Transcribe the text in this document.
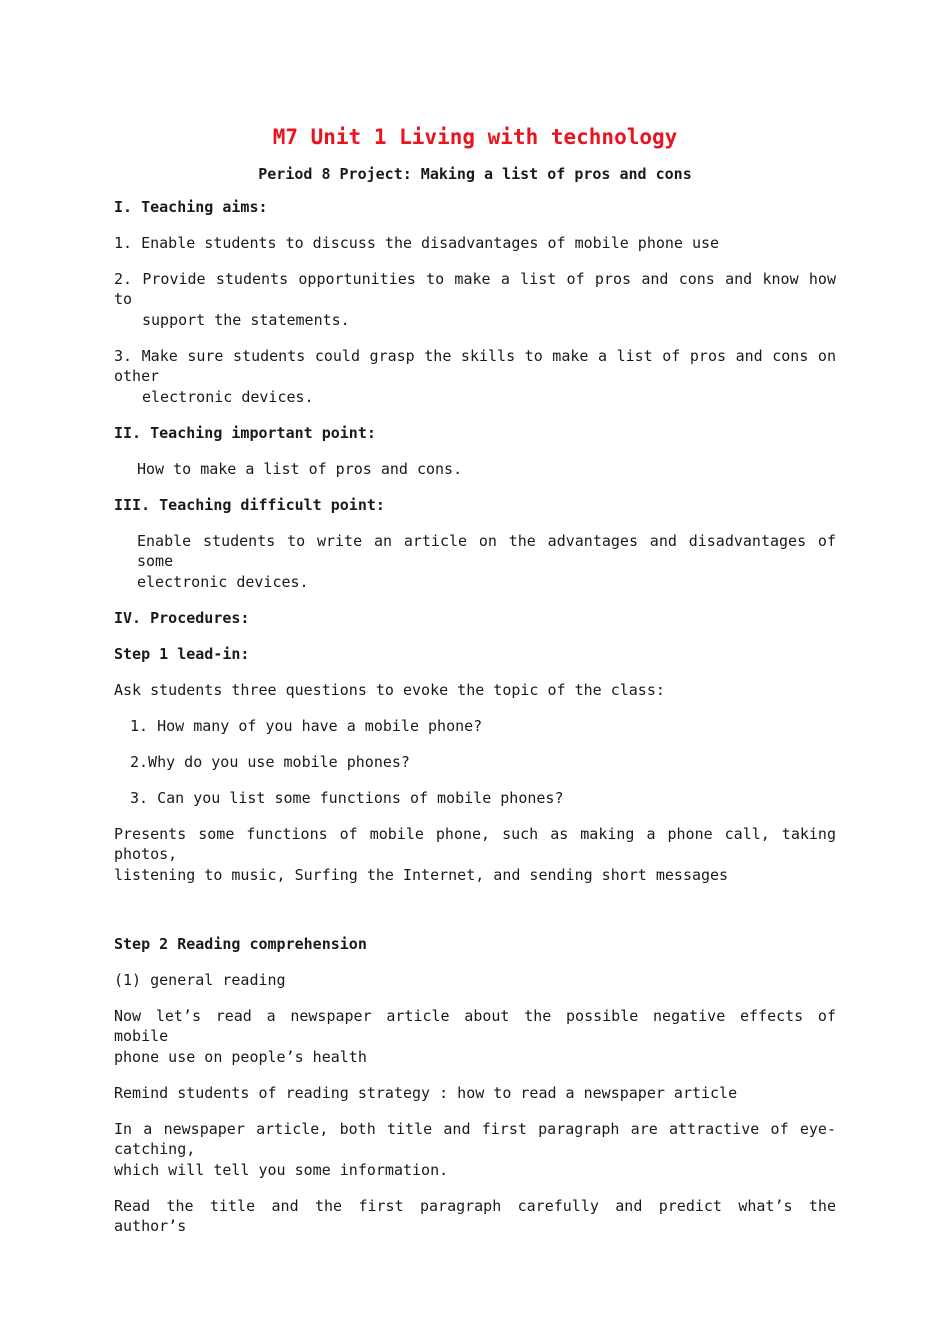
M7 Unit 1 Living with technology
Period 8 Project: Making a list of pros and cons
I. Teaching aims:
1. Enable students to discuss the disadvantages of mobile phone use
2. Provide students opportunities to make a list of pros and cons and know how to
support the statements.
3. Make sure students could grasp the skills to make a list of pros and cons on other
electronic devices.
II. Teaching important point:
How to make a list of pros and cons.
III. Teaching difficult point:
Enable students to write an article on the advantages and disadvantages of some
electronic devices.
IV. Procedures:
Step 1 lead-in:
Ask students three questions to evoke the topic of the class:
1. How many of you have a mobile phone?
2.Why do you use mobile phones?
3. Can you list some functions of mobile phones?
Presents some functions of mobile phone, such as making a phone call, taking photos,
listening to music, Surfing the Internet, and sending short messages
Step 2 Reading comprehension
(1) general reading
Now let’s read a newspaper article about the possible negative effects of mobile
phone use on people’s health
Remind students of reading strategy : how to read a newspaper article
In a newspaper article, both title and first paragraph are attractive of eye-catching,
which will tell you some information.
Read the title and the first paragraph carefully and predict what’s the author’s
